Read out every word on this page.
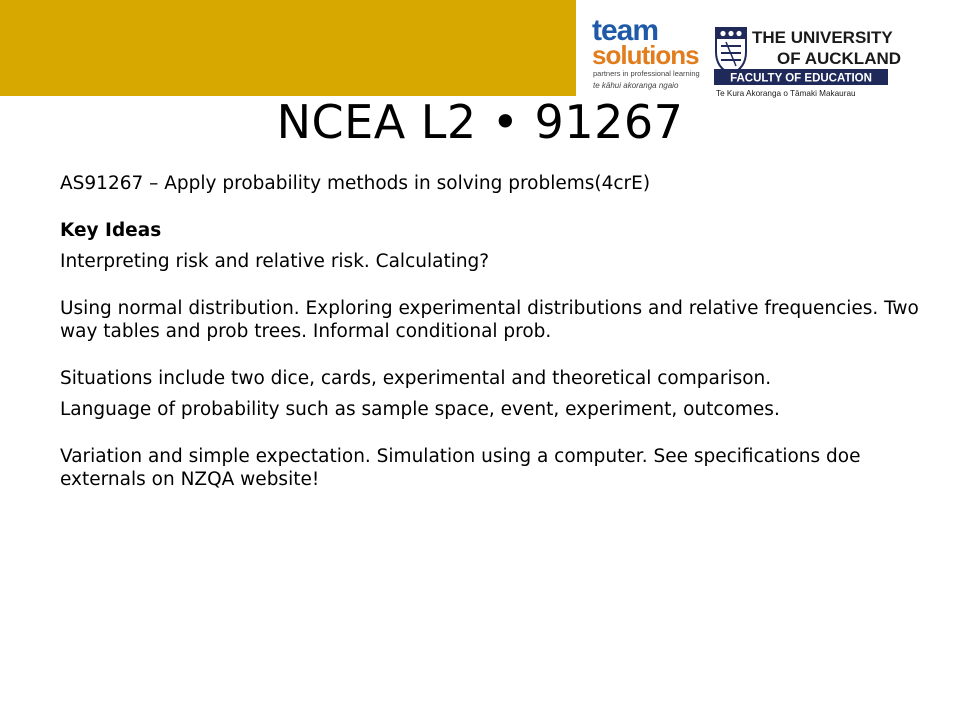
team
solutions
partners in professional learning
te kāhui akoranga ngaio
THE UNIVERSITY
OF AUCKLAND
FACULTY OF EDUCATION
Te Kura Akoranga o Tāmaki Makaurau
NCEA L2 • 91267

AS91267 – Apply probability methods in solving problems(4crE)

Key Ideas

Interpreting risk and relative risk. Calculating?

Using normal distribution. Exploring experimental distributions and relative frequencies. Two way tables and prob trees. Informal conditional prob.

Situations include two dice, cards, experimental and theoretical comparison.

Language of probability such as sample space, event, experiment, outcomes.

Variation and simple expectation. Simulation using a computer. See specifications doe externals on NZQA website!
